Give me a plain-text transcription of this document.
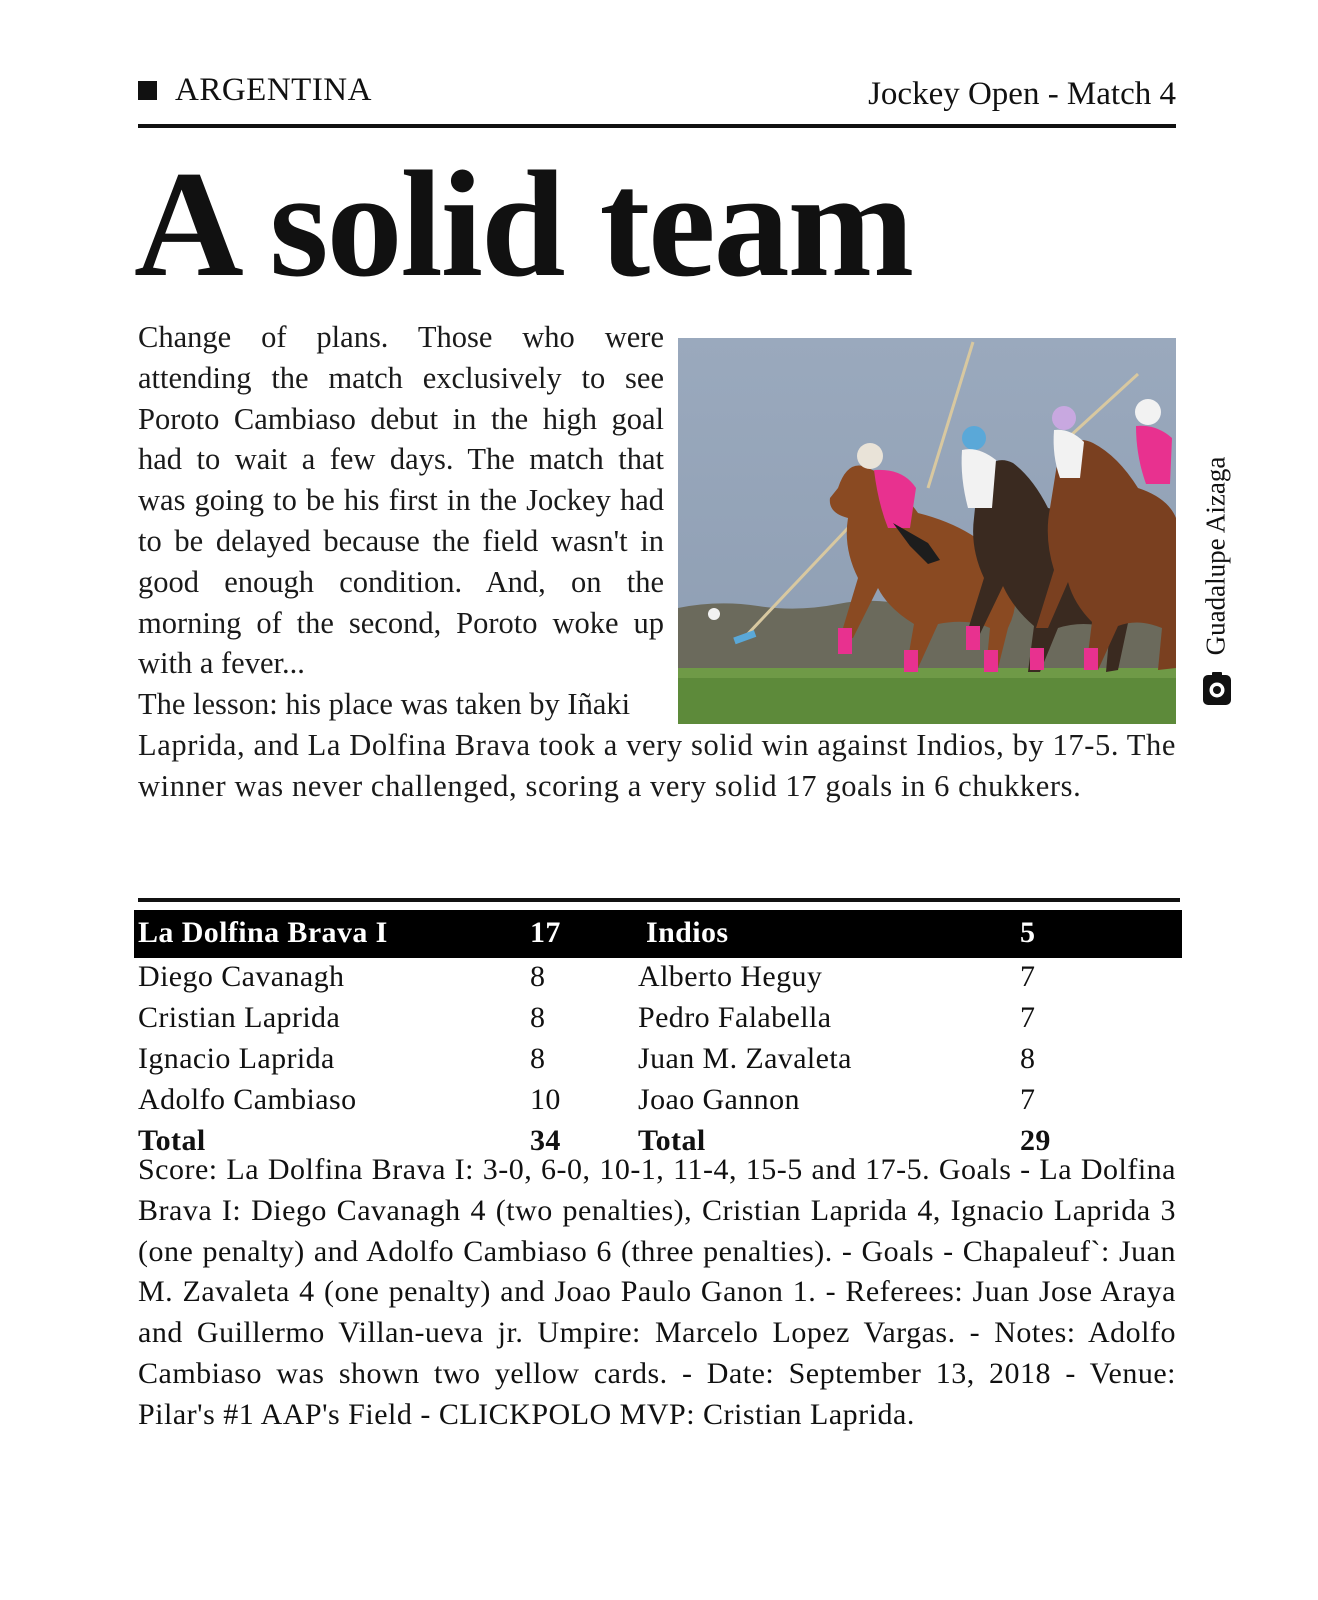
ARGENTINA	Jockey Open - Match 4
A solid team

Change of plans. Those who were attending the match exclusively to see Poroto Cambiaso debut in the high goal had to wait a few days. The match that was going to be his first in the Jockey had to be delayed because the field wasn't in good enough condition. And, on the morning of the second, Poroto woke up with a fever...

The lesson: his place was taken by Iñaki

Guadalupe Aizaga

Laprida, and La Dolfina Brava took a very solid win against Indios, by 17-5. The winner was never challenged, scoring a very solid 17 goals in 6 chukkers.

La Dolfina Brava I	17	Indios	5
Diego Cavanagh	8	Alberto Heguy	7
Cristian Laprida	8	Pedro Falabella	7
Ignacio Laprida	8	Juan M. Zavaleta	8
Adolfo Cambiaso	10	Joao Gannon	7
Total	34	Total	29

Score: La Dolfina Brava I: 3-0, 6-0, 10-1, 11-4, 15-5 and 17-5. Goals - La Dolfina Brava I: Diego Cavanagh 4 (two penalties), Cristian Laprida 4, Ignacio Laprida 3 (one penalty) and Adolfo Cambiaso 6 (three penalties). - Goals - Chapaleuf`: Juan M. Zavaleta 4 (one penalty) and Joao Paulo Ganon 1. - Referees: Juan Jose Araya and Guillermo Villan-ueva jr. Umpire: Marcelo Lopez Vargas. - Notes: Adolfo Cambiaso was shown two yellow cards. - Date: September 13, 2018 - Venue: Pilar's #1 AAP's Field - CLICKPOLO MVP: Cristian Laprida.
